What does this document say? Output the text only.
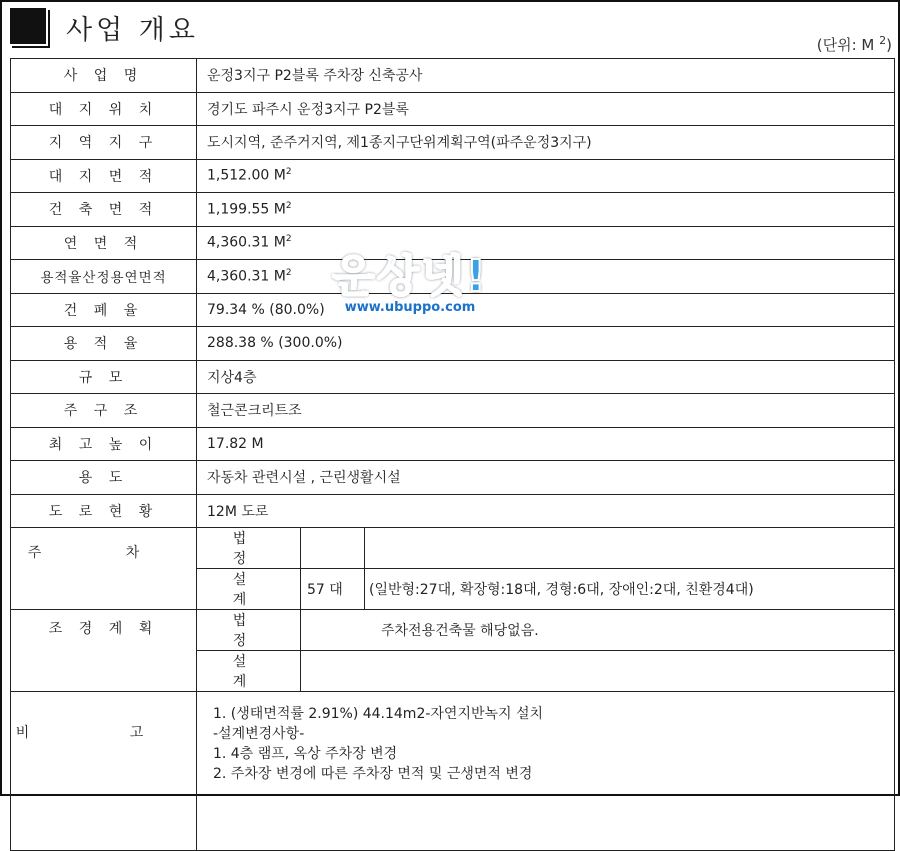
사업 개요	(단위: M $^2$)
사 업 명	운정3지구 P2블록 주차장 신축공사		
대 지 위 치	경기도 파주시 운정3지구 P2블록		
지 역 지 구	도시지역, 준주거지역, 제1종지구단위계획구역(파주운정3지구)		
대 지 면 적	1,512.00 $M^2$
건 축 면 적	1,199.55 $M^2$
연 면 적	4,360.31 $M^2$
용적율산정용연면적	4,360.31 $M^2$
건 폐 율	79.34 % (80.0%)		
용 적 율	288.38 % (300.0%)		
규 모	지상4층		
주 구 조	철근콘크리트조		
최 고 높 이	17.82 M		
용 도	자동차 관련시설 , 근린생활시설		
도 로 현 황	12M 도로		
주 차	법 정		
	설 계	57 대	(일반형:27대, 확장형:18대, 경형:6대, 장애인:2대, 친환경4대)
조 경 계 획	법 정	주차전용건축물 해당없음.	
	설 계		
비 고	1. (생태면적률 2.91%) 44.14m2-자연지반녹지 설치
-설계변경사항-
1. 4층 램프, 옥상 주차장 변경
2. 주차장 변경에 따른 주차장 면적 및 근생면적 변경		
운상넷!
www.ubuppo.com
